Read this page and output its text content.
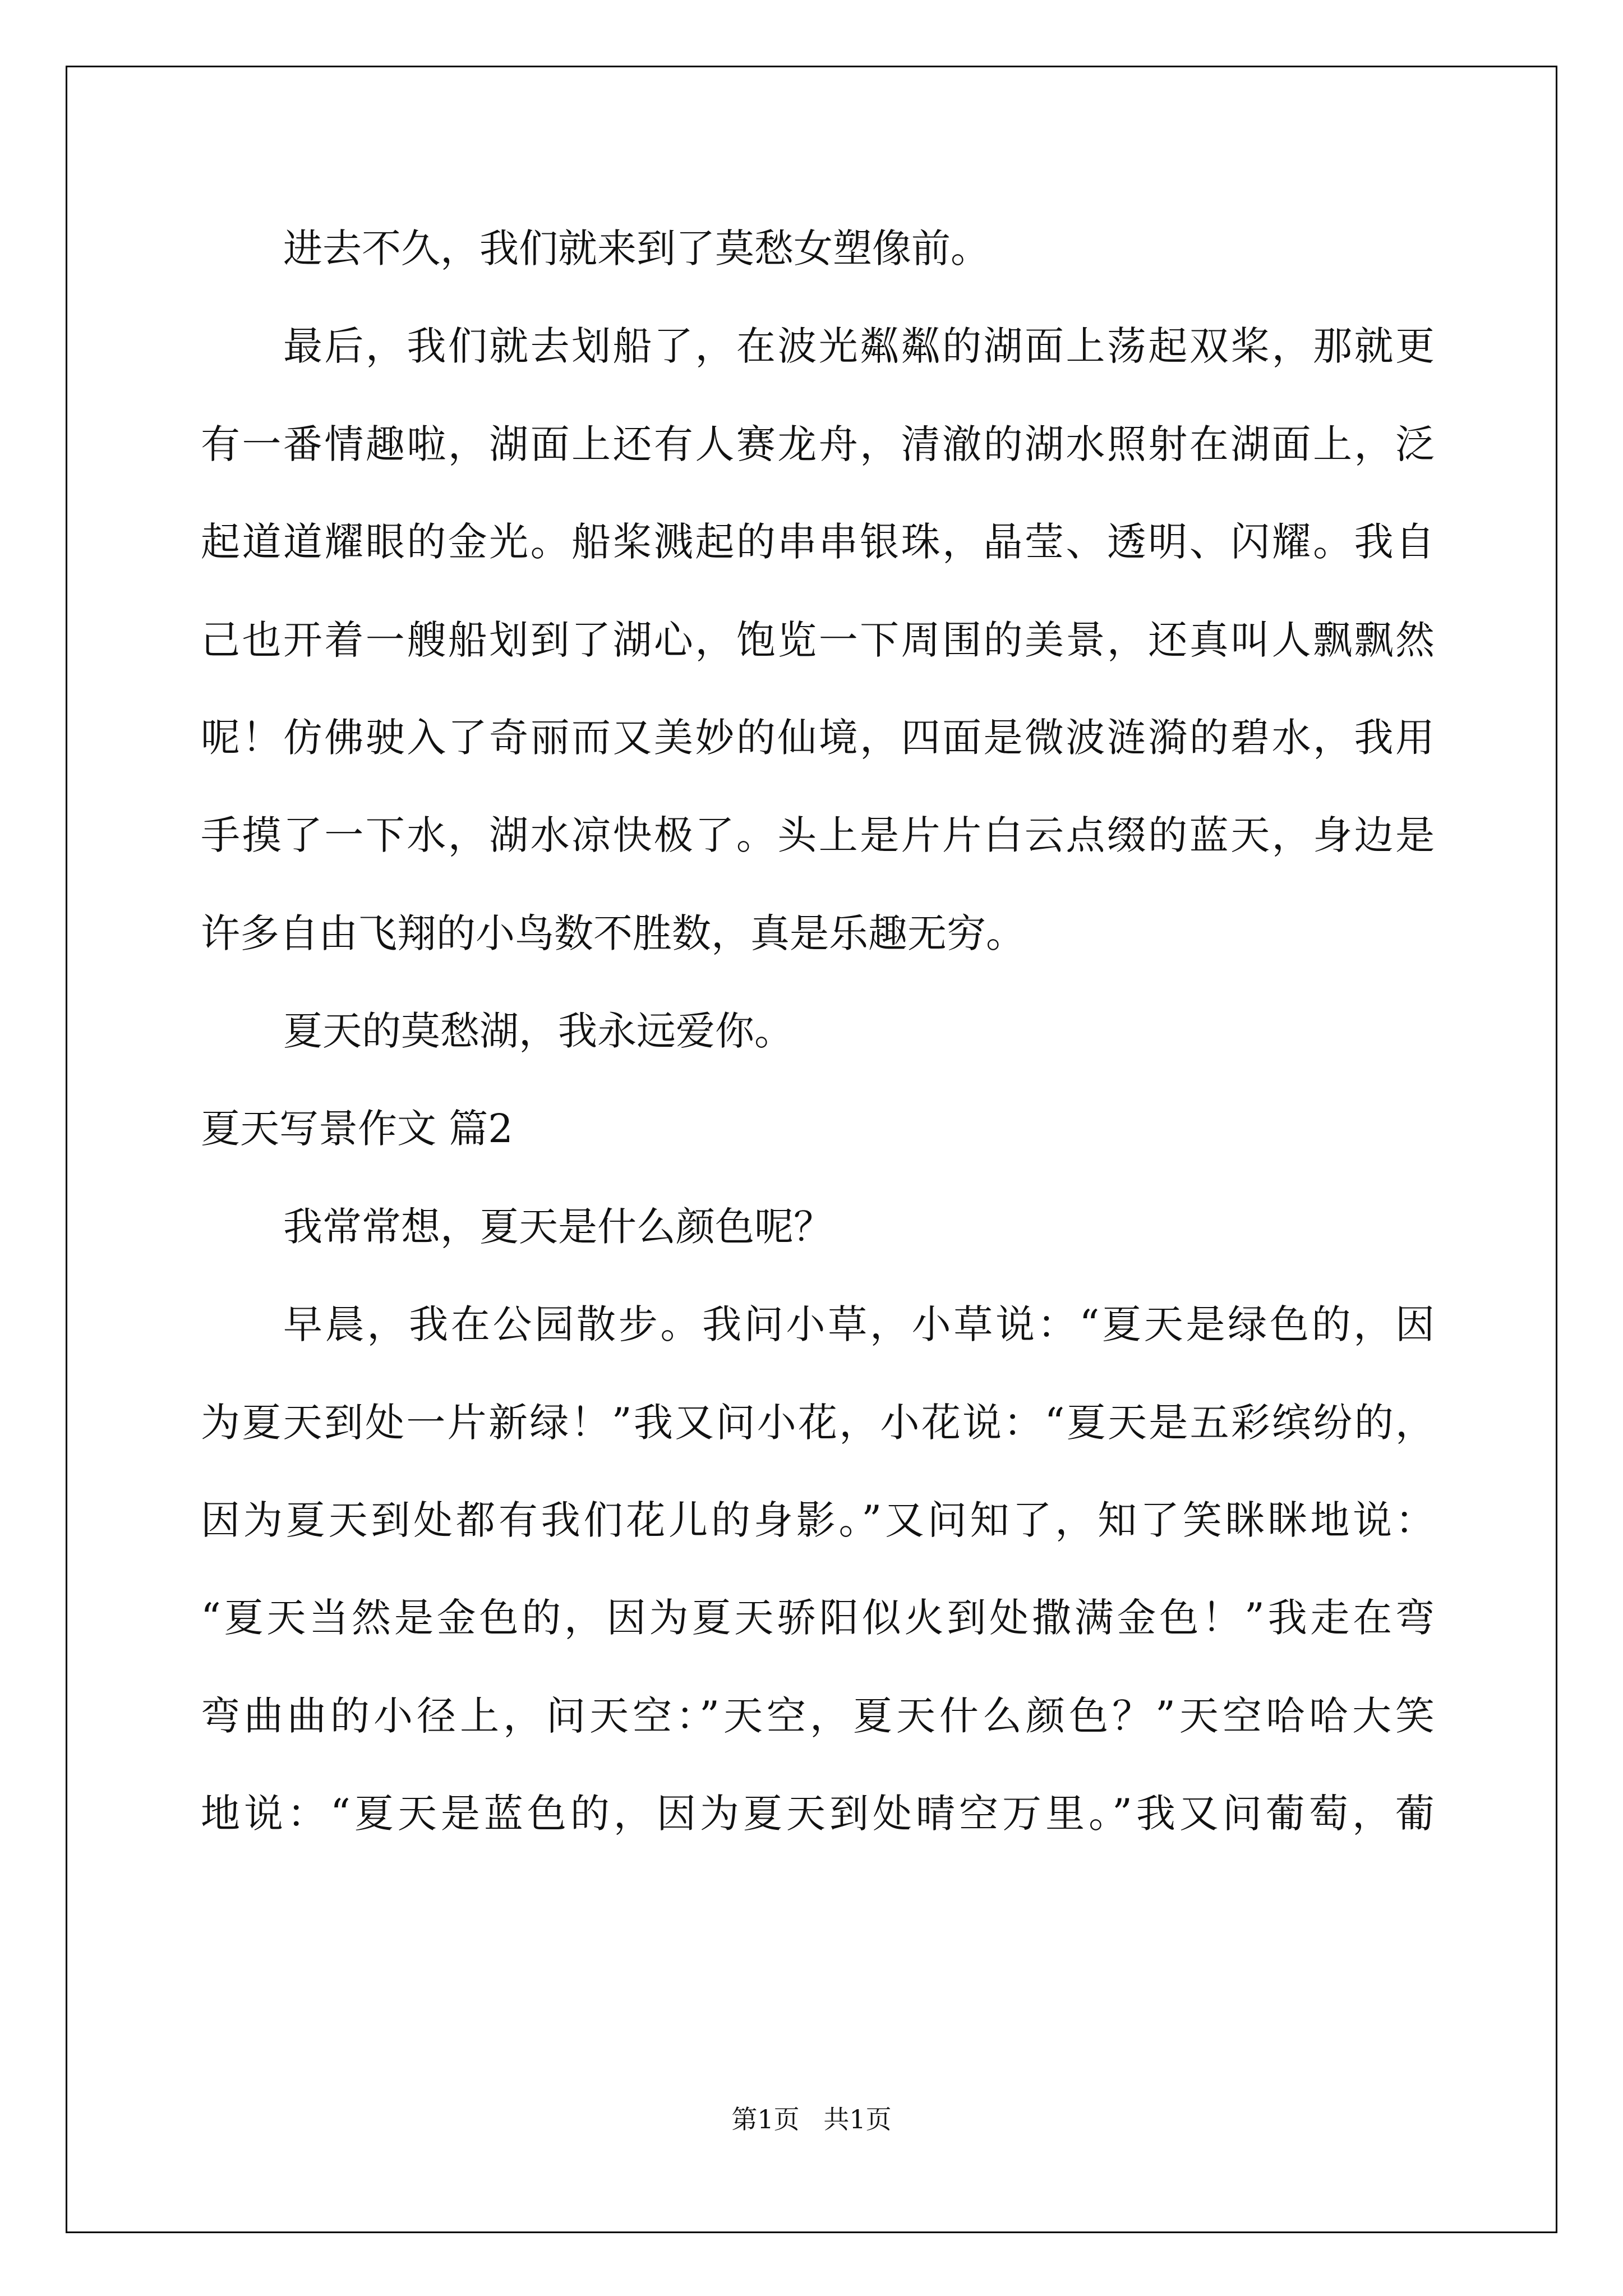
进去不久，我们就来到了莫愁女塑像前。
最后，我们就去划船了，在波光粼粼的湖面上荡起双桨，那就更
有一番情趣啦，湖面上还有人赛龙舟，清澈的湖水照射在湖面上，泛
起道道耀眼的金光。船桨溅起的串串银珠，晶莹、透明、闪耀。我自
己也开着一艘船划到了湖心，饱览一下周围的美景，还真叫人飘飘然
呢！仿佛驶入了奇丽而又美妙的仙境，四面是微波涟漪的碧水，我用
手摸了一下水，湖水凉快极了。头上是片片白云点缀的蓝天，身边是
许多自由飞翔的小鸟数不胜数，真是乐趣无穷。
夏天的莫愁湖，我永远爱你。
夏天写景作文 篇2
我常常想，夏天是什么颜色呢？
早晨，我在公园散步。我问小草，小草说：“夏天是绿色的，因
为夏天到处一片新绿！”我又问小花，小花说：“夏天是五彩缤纷的，
因为夏天到处都有我们花儿的身影。”又问知了，知了笑眯眯地说：
“夏天当然是金色的，因为夏天骄阳似火到处撒满金色！”我走在弯
弯曲曲的小径上，问天空：”天空，夏天什么颜色？”天空哈哈大笑
地说：“夏天是蓝色的，因为夏天到处晴空万里。”我又问葡萄，葡
第1页 共1页
